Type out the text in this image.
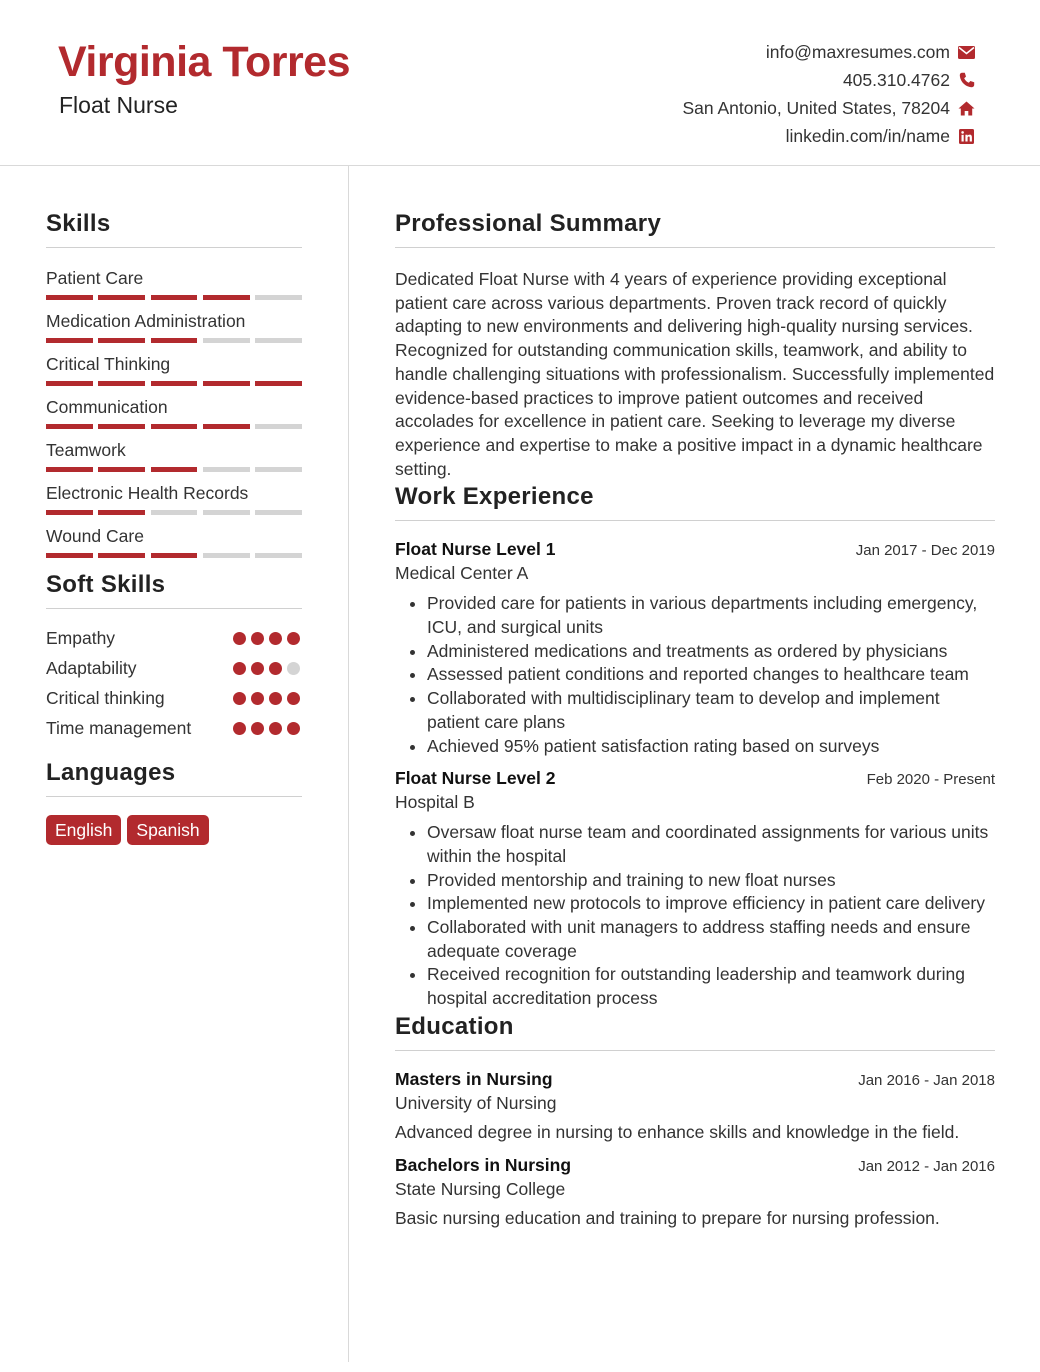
Virginia Torres
Float Nurse
info@maxresumes.com
405.310.4762
San Antonio, United States, 78204
linkedin.com/in/name
Skills
Patient Care
Medication Administration
Critical Thinking
Communication
Teamwork
Electronic Health Records
Wound Care
Soft Skills
Empathy
Adaptability
Critical thinking
Time management
Languages
English	Spanish
Professional Summary
Dedicated Float Nurse with 4 years of experience providing exceptional patient care across various departments. Proven track record of quickly adapting to new environments and delivering high-quality nursing services. Recognized for outstanding communication skills, teamwork, and ability to handle challenging situations with professionalism. Successfully implemented evidence-based practices to improve patient outcomes and received accolades for excellence in patient care. Seeking to leverage my diverse experience and expertise to make a positive impact in a dynamic healthcare setting.
Work Experience
Float Nurse Level 1	Jan 2017 - Dec 2019
Medical Center A
• Provided care for patients in various departments including emergency, ICU, and surgical units
• Administered medications and treatments as ordered by physicians
• Assessed patient conditions and reported changes to healthcare team
• Collaborated with multidisciplinary team to develop and implement patient care plans
• Achieved 95% patient satisfaction rating based on surveys
Float Nurse Level 2	Feb 2020 - Present
Hospital B
• Oversaw float nurse team and coordinated assignments for various units within the hospital
• Provided mentorship and training to new float nurses
• Implemented new protocols to improve efficiency in patient care delivery
• Collaborated with unit managers to address staffing needs and ensure adequate coverage
• Received recognition for outstanding leadership and teamwork during hospital accreditation process
Education
Masters in Nursing	Jan 2016 - Jan 2018
University of Nursing
Advanced degree in nursing to enhance skills and knowledge in the field.
Bachelors in Nursing	Jan 2012 - Jan 2016
State Nursing College
Basic nursing education and training to prepare for nursing profession.
